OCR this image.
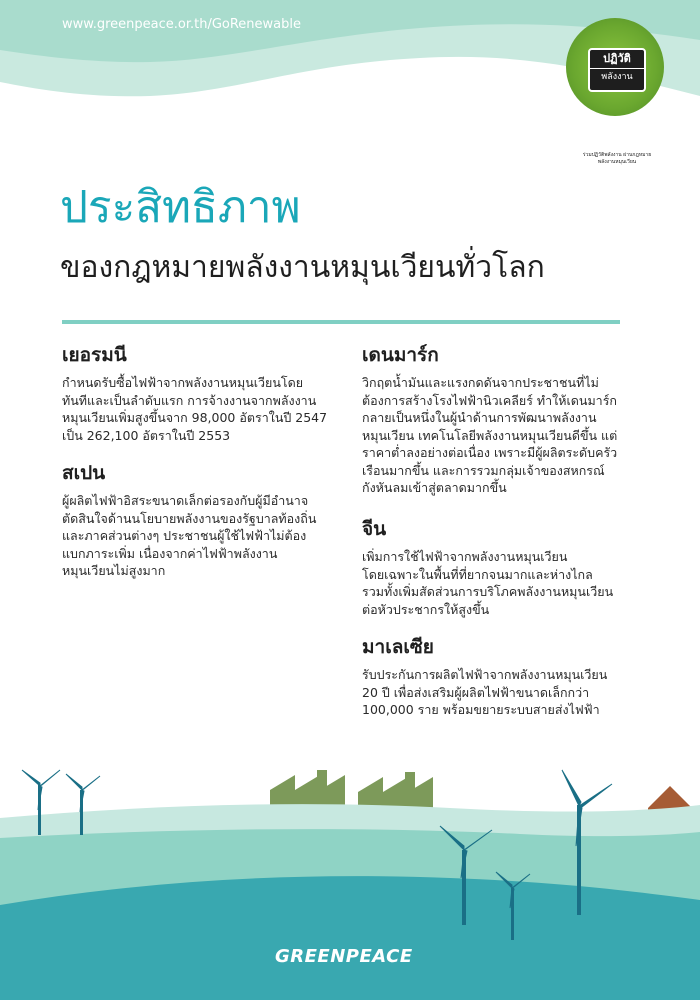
www.greenpeace.or.th/GoRenewable
ปฏิวัติ
พลังงาน
ร่วมปฏิวัติพลังงาน ผ่านกฎหมายพลังงานหมุนเวียน
ประสิทธิภาพ
ของกฎหมายพลังงานหมุนเวียนทั่วโลก

เยอรมนี

กำหนดรับซื้อไฟฟ้าจากพลังงานหมุนเวียนโดย

ทันทีและเป็นลำดับแรก การจ้างงานจากพลังงาน

หมุนเวียนเพิ่มสูงขึ้นจาก 98,000 อัตราในปี 2547

เป็น 262,100 อัตราในปี 2553

สเปน

ผู้ผลิตไฟฟ้าอิสระขนาดเล็กต่อรองกับผู้มีอำนาจ

ตัดสินใจด้านนโยบายพลังงานของรัฐบาลท้องถิ่น

และภาคส่วนต่างๆ ประชาชนผู้ใช้ไฟฟ้าไม่ต้อง

แบกภาระเพิ่ม เนื่องจากค่าไฟฟ้าพลังงาน

หมุนเวียนไม่สูงมาก

เดนมาร์ก

วิกฤตน้ำมันและแรงกดดันจากประชาชนที่ไม่

ต้องการสร้างโรงไฟฟ้านิวเคลียร์ ทำให้เดนมาร์ก

กลายเป็นหนึ่งในผู้นำด้านการพัฒนาพลังงาน

หมุนเวียน เทคโนโลยีพลังงานหมุนเวียนดีขึ้น แต่

ราคาต่ำลงอย่างต่อเนื่อง เพราะมีผู้ผลิตระดับครัว

เรือนมากขึ้น และการรวมกลุ่มเจ้าของสหกรณ์

กังหันลมเข้าสู่ตลาดมากขึ้น

จีน

เพิ่มการใช้ไฟฟ้าจากพลังงานหมุนเวียน

โดยเฉพาะในพื้นที่ที่ยากจนมากและห่างไกล

รวมทั้งเพิ่มสัดส่วนการบริโภคพลังงานหมุนเวียน

ต่อหัวประชากรให้สูงขึ้น

มาเลเซีย

รับประกันการผลิตไฟฟ้าจากพลังงานหมุนเวียน

20 ปี เพื่อส่งเสริมผู้ผลิตไฟฟ้าขนาดเล็กกว่า

100,000 ราย พร้อมขยายระบบสายส่งไฟฟ้า

GREENPEACE
